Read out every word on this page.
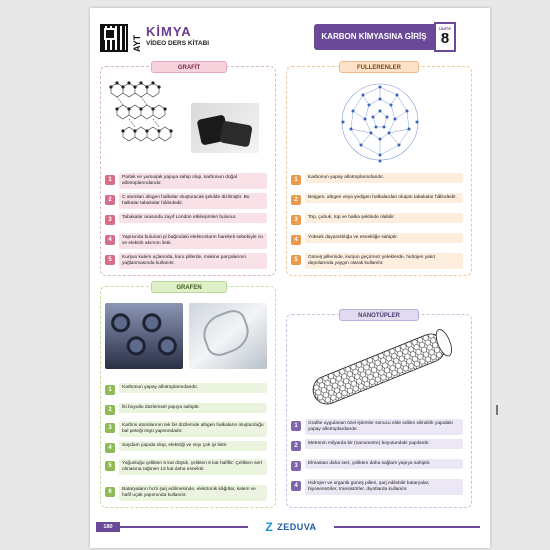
AYT
KİMYA
VİDEO DERS KİTABI
KARBON KİMYASINA GİRİŞ
ÜNİTE
8
GRAFİT
1	Parlak ve yumuşak yapıya sahip olup, karbonun doğal allotroplarındandır.
2	C atomları altıgen halkalar oluşturacak şekilde dizilmiştir. Bu halkalar tabakalar hâlindedir.
3	Tabakalar arasında zayıf London etkileşimleri bulunur.
4	Yapısında bulunan pi bağındaki elektronların hareketi sebebiyle ısı ve elektrik akımını iletir.
5	Kurşun kalem uçlarında, kuru pillerde, makine parçalarının yağlanmasında kullanılır.
FULLERENLER
1	Karbonun yapay allotroplarındandır.
2	Beşgen, altıgen veya yedigen halkalardan oluşan tabakalar hâlindedir.
3	Top, çubuk, tüp ve halka şeklinde olabilir.
4	Yüksek dayanıklılığa ve esnekliğe sahiptir.
5	Güneş pillerinde, kurşun geçirmez yeleklerde, hidrojen yakıt depolarında yaygın olarak kullanılır.
GRAFEN
1	Karbonun yapay allotroplarındandır.
2	İki boyutlu düzlemsel yapıya sahiptir.
3	Karbon atomlarının tek bir düzlemde altıgen halkaların oluşturduğu bal peteği örgü yapısındadır.
4	Saydam yapıda olup, elektriği ve ısıyı çok iyi iletir.
5	Yoğunluğu çelikten 6 kat düşük, çelikten 6 kat hafiftir. Çelikten sert olmasına rağmen 13 kat daha esnektir.
6	Bataryaların hızlı şarj edilmesinde, elektronik kâğıtlar, kalem ve hafif uçak yapımında kullanılır.
NANOTÜPLER
1	Grafite uygulanan özel işlemler sonucu elde edilen silindirik yapıdaki yapay allotroplardandır.
2	Metrenin milyarda bir (nanometre) boyutundaki yapılardır.
3	Elmastan daha sert, çelikten daha sağlam yapıya sahiptir.
4	Hidrojen ve organik güneş pilleri, şarj edilebilir bataryalar, biyosensörler, transistörler, diyotlarda kullanılır.
180	Z ZEDUVA
